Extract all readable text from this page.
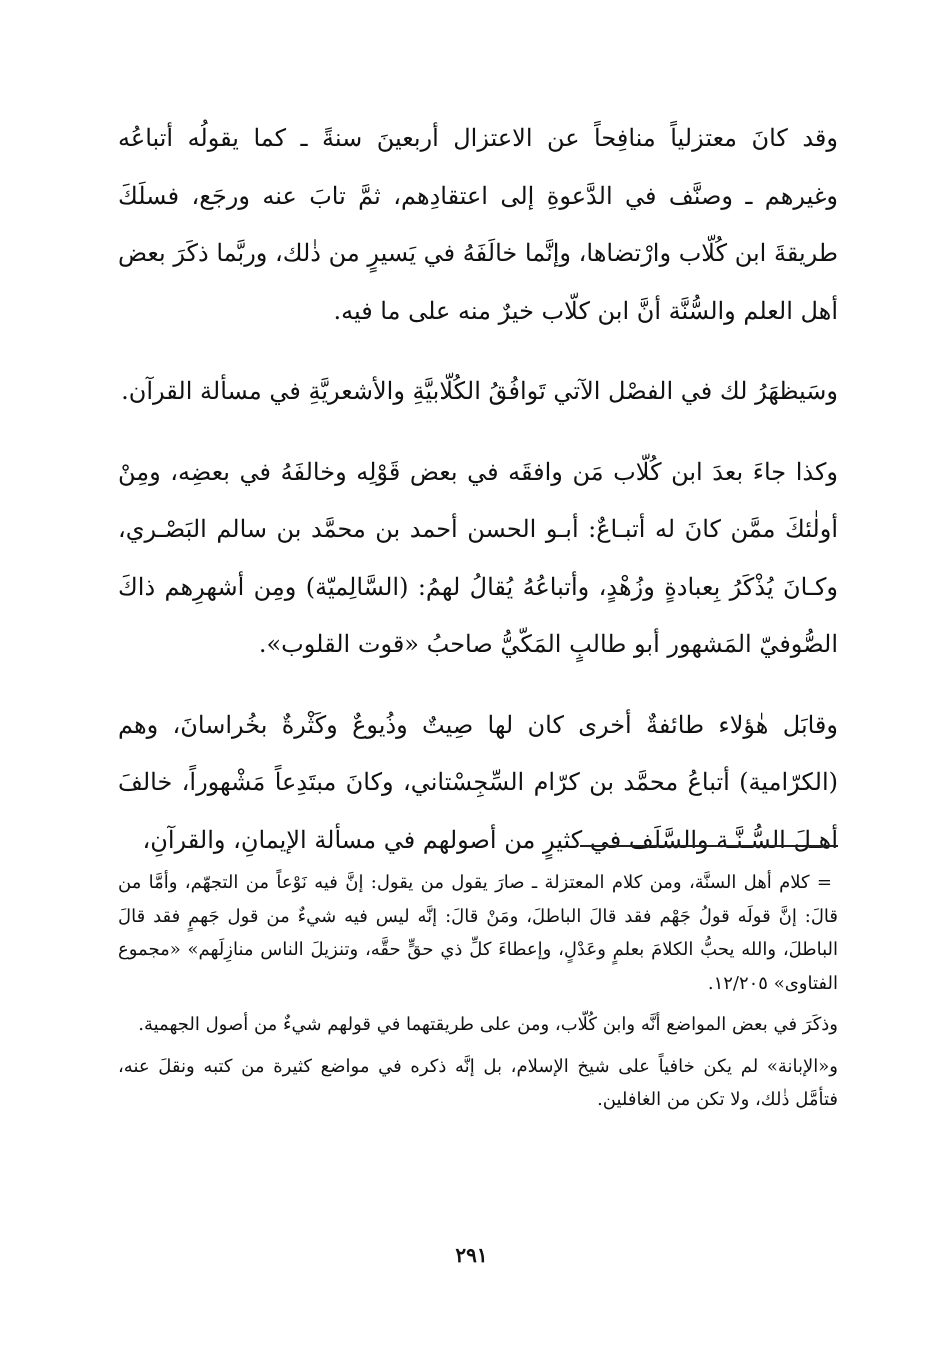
وقد كانَ معتزلياً منافِحاً عن الاعتزال أربعينَ سنةً ـ كما يقولُه أتباعُه وغيرهم ـ وصنَّف في الدَّعوةِ إلى اعتقادِهم، ثمَّ تابَ عنه ورجَع، فسلَكَ طريقةَ ابن كُلّاب وارْتضاها، وإنَّما خالَفَهُ في يَسيرٍ من ذٰلك، وربَّما ذكَرَ بعض أهل العلم والسُّنَّة أنَّ ابن كلّاب خيرٌ منه على ما فيه.

وسَيظهَرُ لك في الفصْل الآتي تَوافُقُ الكُلّابيَّةِ والأشعريَّةِ في مسألة القرآن.

وكذا جاءَ بعدَ ابن كُلّاب مَن وافقَه في بعض قَوْلِه وخالفَهُ في بعضِه، ومِنْ أولٰئكَ ممَّن كانَ له أتبـاعٌ: أبـو الحسن أحمد بن محمَّد بن سالم البَصْـري، وكـانَ يُذْكَرُ بِعبادةٍ وزُهْدٍ، وأتباعُهُ يُقالُ لهمُ: (السَّالِميّة) ومِن أشهرِهم ذاكَ الصُّوفيّ المَشهور أبو طالبٍ المَكّيُّ صاحبُ «قوت القلوب».

وقابَل هٰؤلاء طائفةٌ أخرى كان لها صِيتٌ وذُيوعٌ وكَثْرةٌ بخُراسانَ، وهم (الكرّامية) أتباعُ محمَّد بن كرّام السِّجِسْتاني، وكانَ مبتَدِعاً مَشْهوراً، خالفَ أهـلَ السُّـنَّـة والسَّلَف في كثيرٍ من أصولهم في مسألة الإيمانِ، والقرآنِ،

= كلام أهل السنَّة، ومن كلام المعتزلة ـ صارَ يقول من يقول: إنَّ فيه نَوْعاً من التجهّم، وأمَّا من قالَ: إنَّ قولَه قولُ جَهْم فقد قالَ الباطلَ، ومَنْ قالَ: إنَّه ليس فيه شيءٌ من قول جَهمٍ فقد قالَ الباطلَ، والله يحبُّ الكلامَ بعلمٍ وعَدْلٍ، وإعطاءَ كلِّ ذي حقٍّ حقَّه، وتنزيلَ الناس منازِلَهم» «مجموع الفتاوى» ١٢/٢٠٥.

وذكَرَ في بعض المواضع أنَّه وابن كُلّاب، ومن على طريقتهما في قولهم شيءٌ من أصول الجهمية.

و«الإبانة» لم يكن خافياً على شيخ الإسلام، بل إنَّه ذكره في مواضع كثيرة من كتبه ونقلَ عنه، فتأمَّل ذٰلك، ولا تكن من الغافلين.

٢٩١
